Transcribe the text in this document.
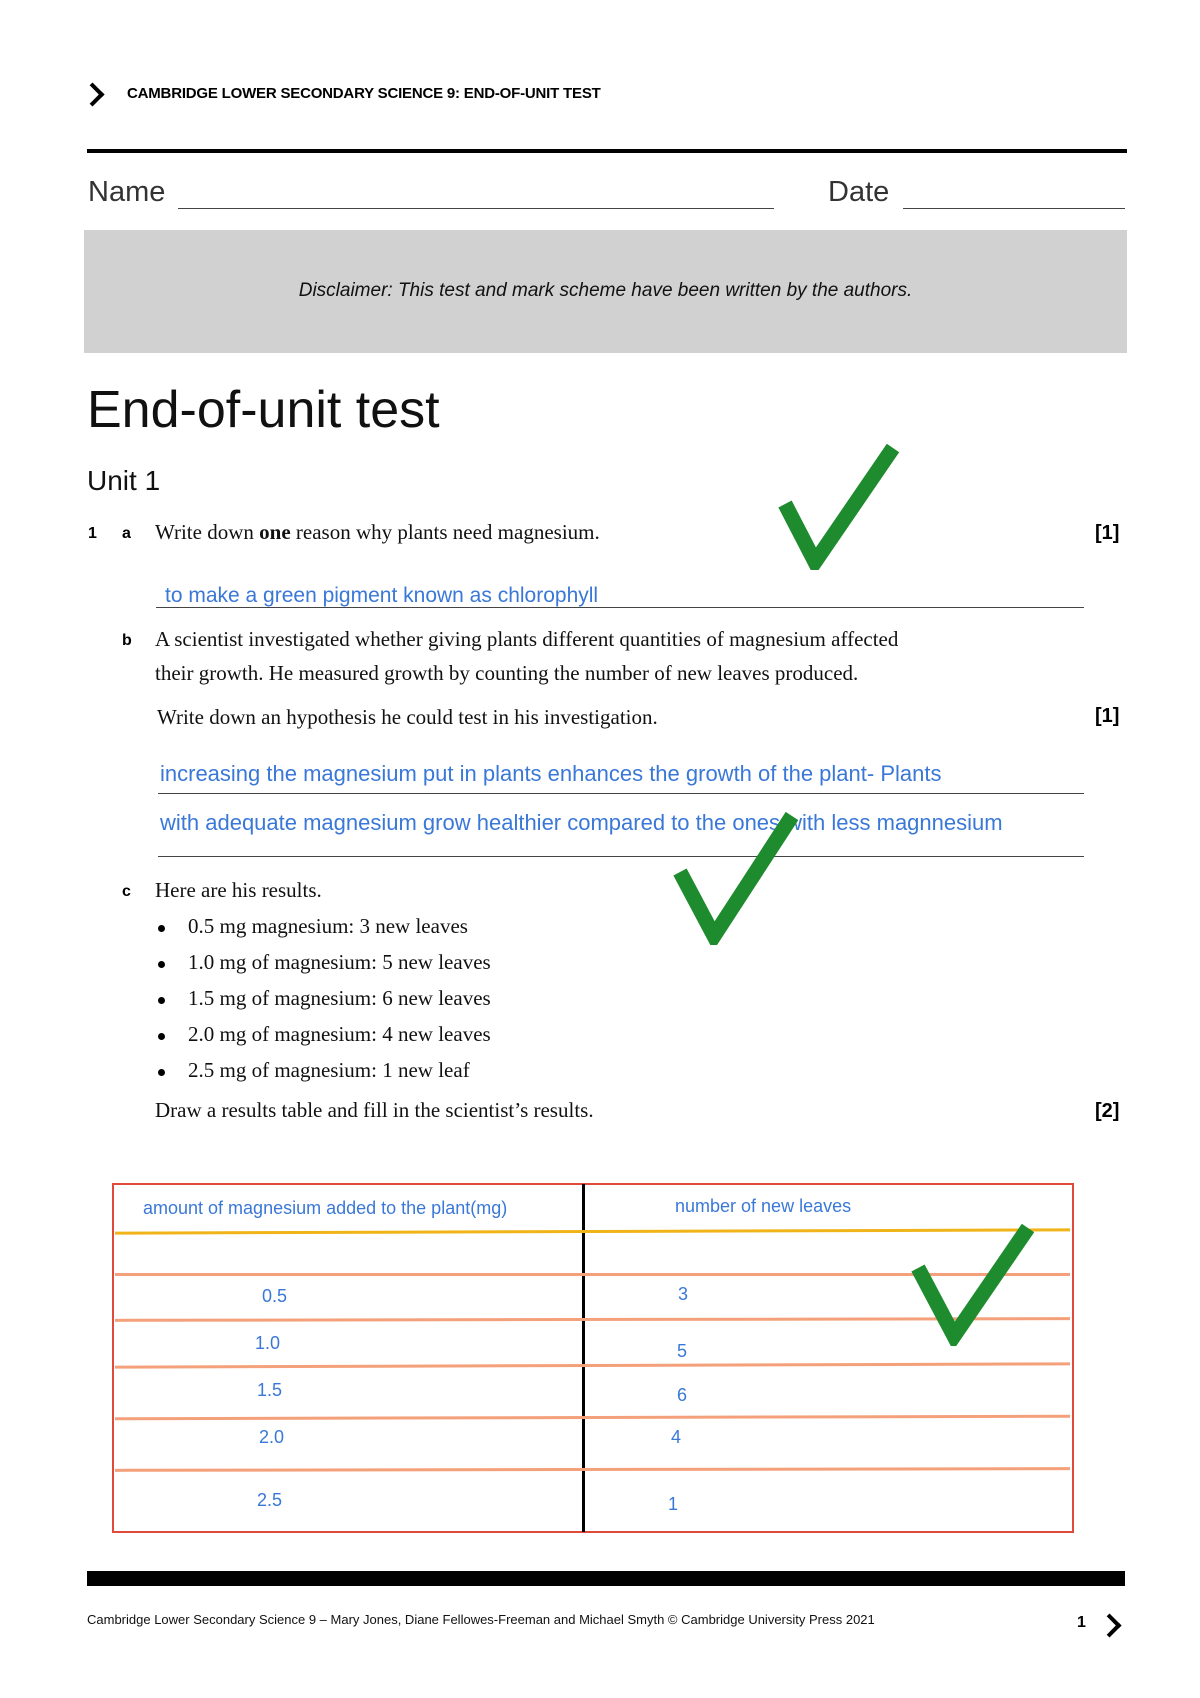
CAMBRIDGE LOWER SECONDARY SCIENCE 9: END-OF-UNIT TEST
Name	Date
Disclaimer: This test and mark scheme have been written by the authors.
End-of-unit test
Unit 1
1 a Write down one reason why plants need magnesium.	[1]
to make a green pigment known as chlorophyll
b A scientist investigated whether giving plants different quantities of magnesium affected
their growth. He measured growth by counting the number of new leaves produced.
Write down an hypothesis he could test in his investigation.	[1]
increasing the magnesium put in plants enhances the growth of the plant- Plants
with adequate magnesium grow healthier compared to the ones with less magnnesium
c Here are his results.
0.5 mg magnesium: 3 new leaves
1.0 mg of magnesium: 5 new leaves
1.5 mg of magnesium: 6 new leaves
2.0 mg of magnesium: 4 new leaves
2.5 mg of magnesium: 1 new leaf
Draw a results table and fill in the scientist’s results.	[2]
amount of magnesium added to the plant(mg)	number of new leaves
0.5	3
1.0	5
1.5	6
2.0	4
2.5	1
Cambridge Lower Secondary Science 9 – Mary Jones, Diane Fellowes-Freeman and Michael Smyth © Cambridge University Press 2021	1
